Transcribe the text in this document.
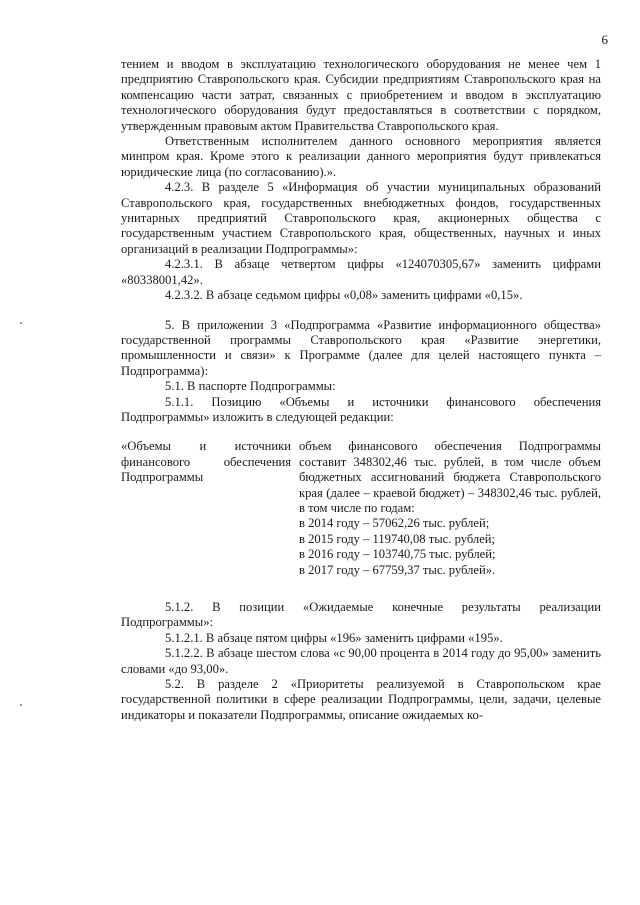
6

тением и вводом в эксплуатацию технологического оборудования не менее чем 1 предприятию Ставропольского края. Субсидии предприятиям Ставропольского края на компенсацию части затрат, связанных с приобретением и вводом в эксплуатацию технологического оборудования будут предоставляться в соответствии с порядком, утвержденным правовым актом Правительства Ставропольского края.

Ответственным исполнителем данного основного мероприятия является минпром края. Кроме этого к реализации данного мероприятия будут привлекаться юридические лица (по согласованию).».

4.2.3. В разделе 5 «Информация об участии муниципальных образований Ставропольского края, государственных внебюджетных фондов, государственных унитарных предприятий Ставропольского края, акционерных общества с государственным участием Ставропольского края, общественных, научных и иных организаций в реализации Подпрограммы»:

4.2.3.1. В абзаце четвертом цифры «124070305,67» заменить цифрами «80338001,42».

4.2.3.2. В абзаце седьмом цифры «0,08» заменить цифрами «0,15».

5. В приложении 3 «Подпрограмма «Развитие информационного общества» государственной программы Ставропольского края «Развитие энергетики, промышленности и связи» к Программе (далее для целей настоящего пункта – Подпрограмма):

5.1. В паспорте Подпрограммы:

5.1.1. Позицию «Объемы и источники финансового обеспечения Подпрограммы» изложить в следующей редакции:

«Объемы и источники финансового обеспечения Подпрограммы
объем финансового обеспечения Подпрограммы составит 348302,46 тыс. рублей, в том числе объем бюджетных ассигнований бюджета Ставропольского края (далее – краевой бюджет) – 348302,46 тыс. рублей, в том числе по годам:
в 2014 году – 57062,26 тыс. рублей;
в 2015 году – 119740,08 тыс. рублей;
в 2016 году – 103740,75 тыс. рублей;
в 2017 году – 67759,37 тыс. рублей».

5.1.2. В позиции «Ожидаемые конечные результаты реализации Подпрограммы»:

5.1.2.1. В абзаце пятом цифры «196» заменить цифрами «195».

5.1.2.2. В абзаце шестом слова «с 90,00 процента в 2014 году до 95,00» заменить словами «до 93,00».

5.2. В разделе 2 «Приоритеты реализуемой в Ставропольском крае государственной политики в сфере реализации Подпрограммы, цели, задачи, целевые индикаторы и показатели Подпрограммы, описание ожидаемых ко-
